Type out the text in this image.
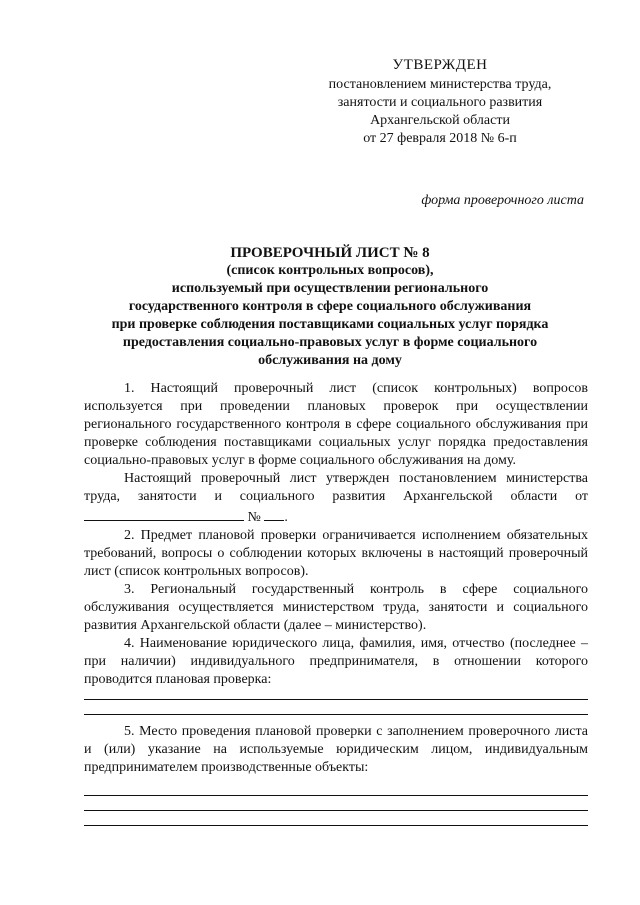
УТВЕРЖДЕН
постановлением министерства труда,
занятости и социального развития
Архангельской области
от 27 февраля 2018 № 6-п
форма проверочного листа
ПРОВЕРОЧНЫЙ ЛИСТ № 8
(список контрольных вопросов),
используемый при осуществлении регионального
государственного контроля в сфере социального обслуживания
при проверке соблюдения поставщиками социальных услуг порядка
предоставления социально-правовых услуг в форме социального
обслуживания на дому

1. Настоящий проверочный лист (список контрольных) вопросов используется при проведении плановых проверок при осуществлении регионального государственного контроля в сфере социального обслуживания при проверке соблюдения поставщиками социальных услуг порядка предоставления социально-правовых услуг в форме социального обслуживания на дому.

Настоящий проверочный лист утвержден постановлением министерства труда, занятости и социального развития Архангельской области от  № .

2. Предмет плановой проверки ограничивается исполнением обязательных требований, вопросы о соблюдении которых включены в настоящий проверочный лист (список контрольных вопросов).

3. Региональный государственный контроль в сфере социального обслуживания осуществляется министерством труда, занятости и социального развития Архангельской области (далее – министерство).

4. Наименование юридического лица, фамилия, имя, отчество (последнее – при наличии) индивидуального предпринимателя, в отношении которого проводится плановая проверка:

5. Место проведения плановой проверки с заполнением проверочного листа и (или) указание на используемые юридическим лицом, индивидуальным предпринимателем производственные объекты:
